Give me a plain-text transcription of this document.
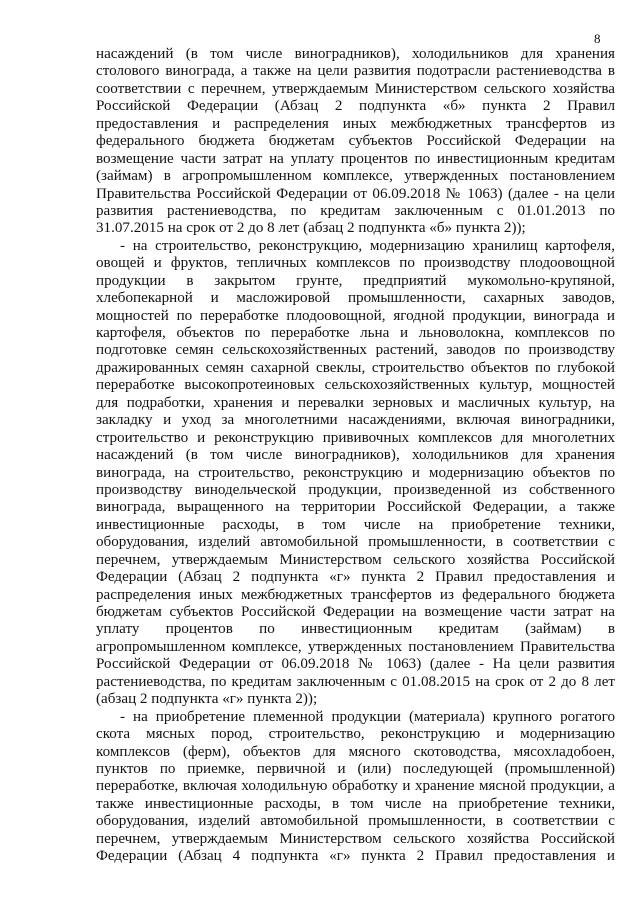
8
насаждений (в том числе виноградников), холодильников для хранения
столового винограда, а также на цели развития подотрасли растениеводства в
соответствии с перечнем, утверждаемым Министерством сельского хозяйства
Российской Федерации (Абзац 2 подпункта «б» пункта 2 Правил
предоставления и распределения иных межбюджетных трансфертов из
федерального бюджета бюджетам субъектов Российской Федерации на
возмещение части затрат на уплату процентов по инвестиционным кредитам
(займам) в агропромышленном комплексе, утвержденных постановлением
Правительства Российской Федерации от 06.09.2018 № 1063) (далее - на цели
развития растениеводства, по кредитам заключенным с 01.01.2013 по
31.07.2015 на срок от 2 до 8 лет (абзац 2 подпункта «б» пункта 2));
- на строительство, реконструкцию, модернизацию хранилищ картофеля,
овощей и фруктов, тепличных комплексов по производству плодоовощной
продукции в закрытом грунте, предприятий мукомольно-крупяной,
хлебопекарной и масложировой промышленности, сахарных заводов,
мощностей по переработке плодоовощной, ягодной продукции, винограда и
картофеля, объектов по переработке льна и льноволокна, комплексов по
подготовке семян сельскохозяйственных растений, заводов по производству
дражированных семян сахарной свеклы, строительство объектов по глубокой
переработке высокопротеиновых сельскохозяйственных культур, мощностей
для подработки, хранения и перевалки зерновых и масличных культур, на
закладку и уход за многолетними насаждениями, включая виноградники,
строительство и реконструкцию прививочных комплексов для многолетних
насаждений (в том числе виноградников), холодильников для хранения
винограда, на строительство, реконструкцию и модернизацию объектов по
производству винодельческой продукции, произведенной из собственного
винограда, выращенного на территории Российской Федерации, а также
инвестиционные расходы, в том числе на приобретение техники,
оборудования, изделий автомобильной промышленности, в соответствии с
перечнем, утверждаемым Министерством сельского хозяйства Российской
Федерации (Абзац 2 подпункта «г» пункта 2 Правил предоставления и
распределения иных межбюджетных трансфертов из федерального бюджета
бюджетам субъектов Российской Федерации на возмещение части затрат на
уплату процентов по инвестиционным кредитам (займам) в
агропромышленном комплексе, утвержденных постановлением Правительства
Российской Федерации от 06.09.2018 № 1063) (далее - На цели развития
растениеводства, по кредитам заключенным с 01.08.2015 на срок от 2 до 8 лет
(абзац 2 подпункта «г» пункта 2));
- на приобретение племенной продукции (материала) крупного рогатого
скота мясных пород, строительство, реконструкцию и модернизацию
комплексов (ферм), объектов для мясного скотоводства, мясохладобоен,
пунктов по приемке, первичной и (или) последующей (промышленной)
переработке, включая холодильную обработку и хранение мясной продукции, а
также инвестиционные расходы, в том числе на приобретение техники,
оборудования, изделий автомобильной промышленности, в соответствии с
перечнем, утверждаемым Министерством сельского хозяйства Российской
Федерации (Абзац 4 подпункта «г» пункта 2 Правил предоставления и
